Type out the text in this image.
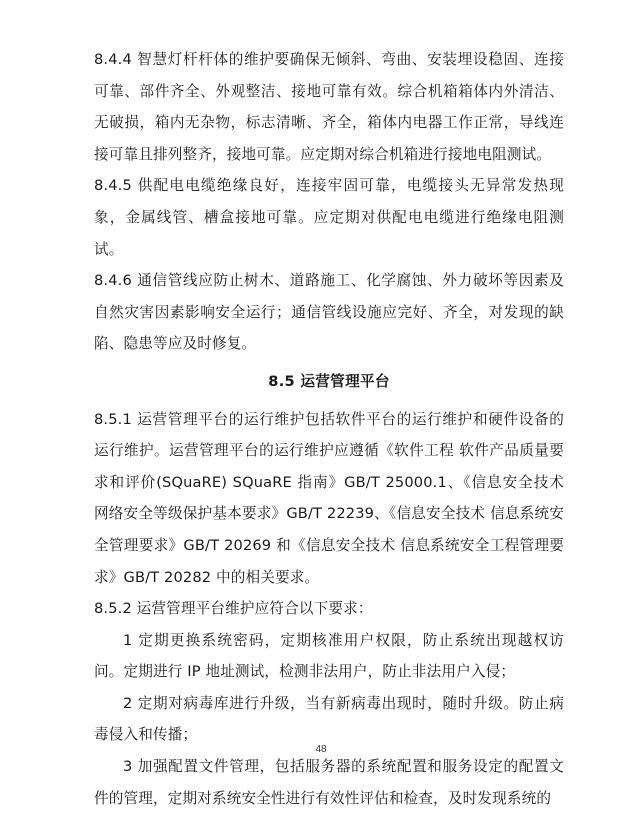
8.4.4 智慧灯杆杆体的维护要确保无倾斜、弯曲、安装埋设稳固、连接可靠、部件齐全、外观整洁、接地可靠有效。综合机箱箱体内外清洁、无破损，箱内无杂物，标志清晰、齐全，箱体内电器工作正常，导线连接可靠且排列整齐，接地可靠。应定期对综合机箱进行接地电阻测试。

8.4.5 供配电电缆绝缘良好，连接牢固可靠，电缆接头无异常发热现象，金属线管、槽盒接地可靠。应定期对供配电电缆进行绝缘电阻测试。

8.4.6 通信管线应防止树木、道路施工、化学腐蚀、外力破坏等因素及自然灾害因素影响安全运行；通信管线设施应完好、齐全，对发现的缺陷、隐患等应及时修复。

8.5 运营管理平台

8.5.1 运营管理平台的运行维护包括软件平台的运行维护和硬件设备的运行维护。运营管理平台的运行维护应遵循《软件工程 软件产品质量要求和评价(SQuaRE) SQuaRE 指南》GB/T 25000.1、《信息安全技术 网络安全等级保护基本要求》GB/T 22239、《信息安全技术 信息系统安全管理要求》GB/T 20269 和《信息安全技术 信息系统安全工程管理要求》GB/T 20282 中的相关要求。

8.5.2 运营管理平台维护应符合以下要求：

1 定期更换系统密码，定期核准用户权限，防止系统出现越权访问。定期进行 IP 地址测试，检测非法用户，防止非法用户入侵；

2 定期对病毒库进行升级，当有新病毒出现时，随时升级。防止病毒侵入和传播；

3 加强配置文件管理，包括服务器的系统配置和服务设定的配置文件的管理，定期对系统安全性进行有效性评估和检查，及时发现系统的

48
